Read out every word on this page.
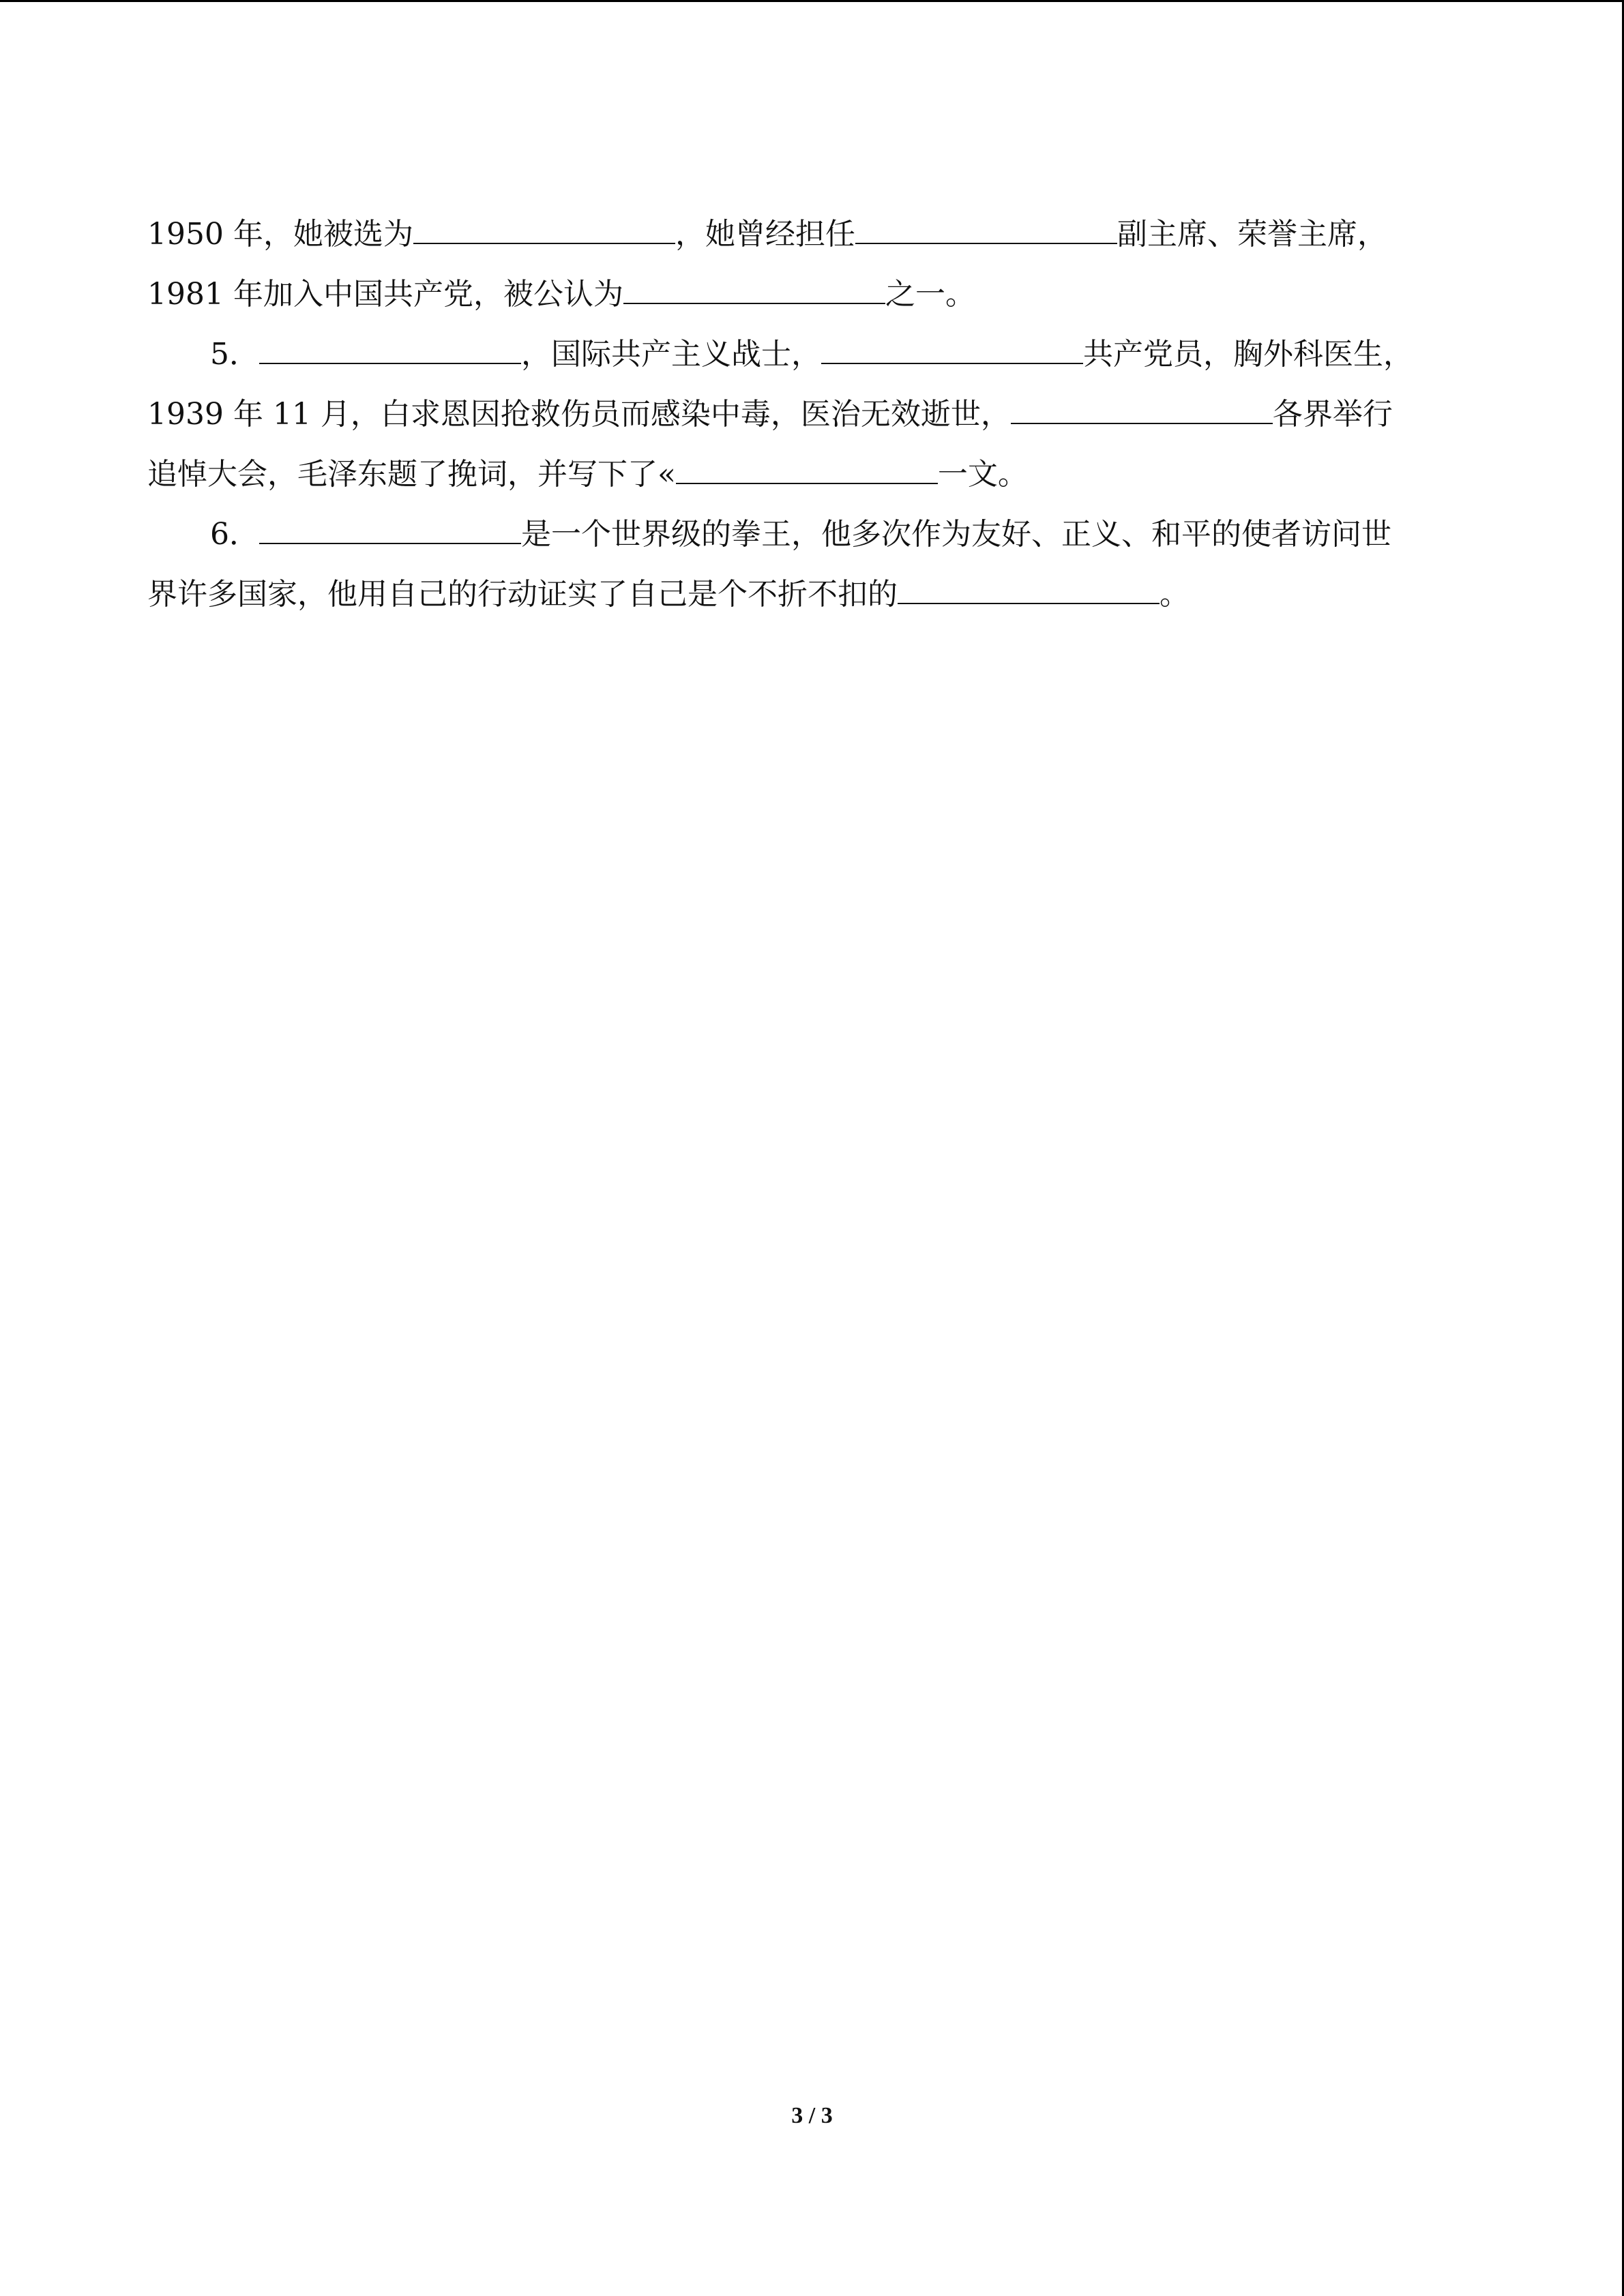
1950 年，她被选为	，她曾经担任	副主席、荣誉主席，
1981 年加入中国共产党，被公认为	之一。
5．	，国际共产主义战士，	共产党员，胸外科医生，
1939 年 11 月，白求恩因抢救伤员而感染中毒，医治无效逝世，	各界举行
追悼大会，毛泽东题了挽词，并写下了«	一文。
6．	是一个世界级的拳王，他多次作为友好、正义、和平的使者访问世
界许多国家，他用自己的行动证实了自己是个不折不扣的	。
3 / 3
